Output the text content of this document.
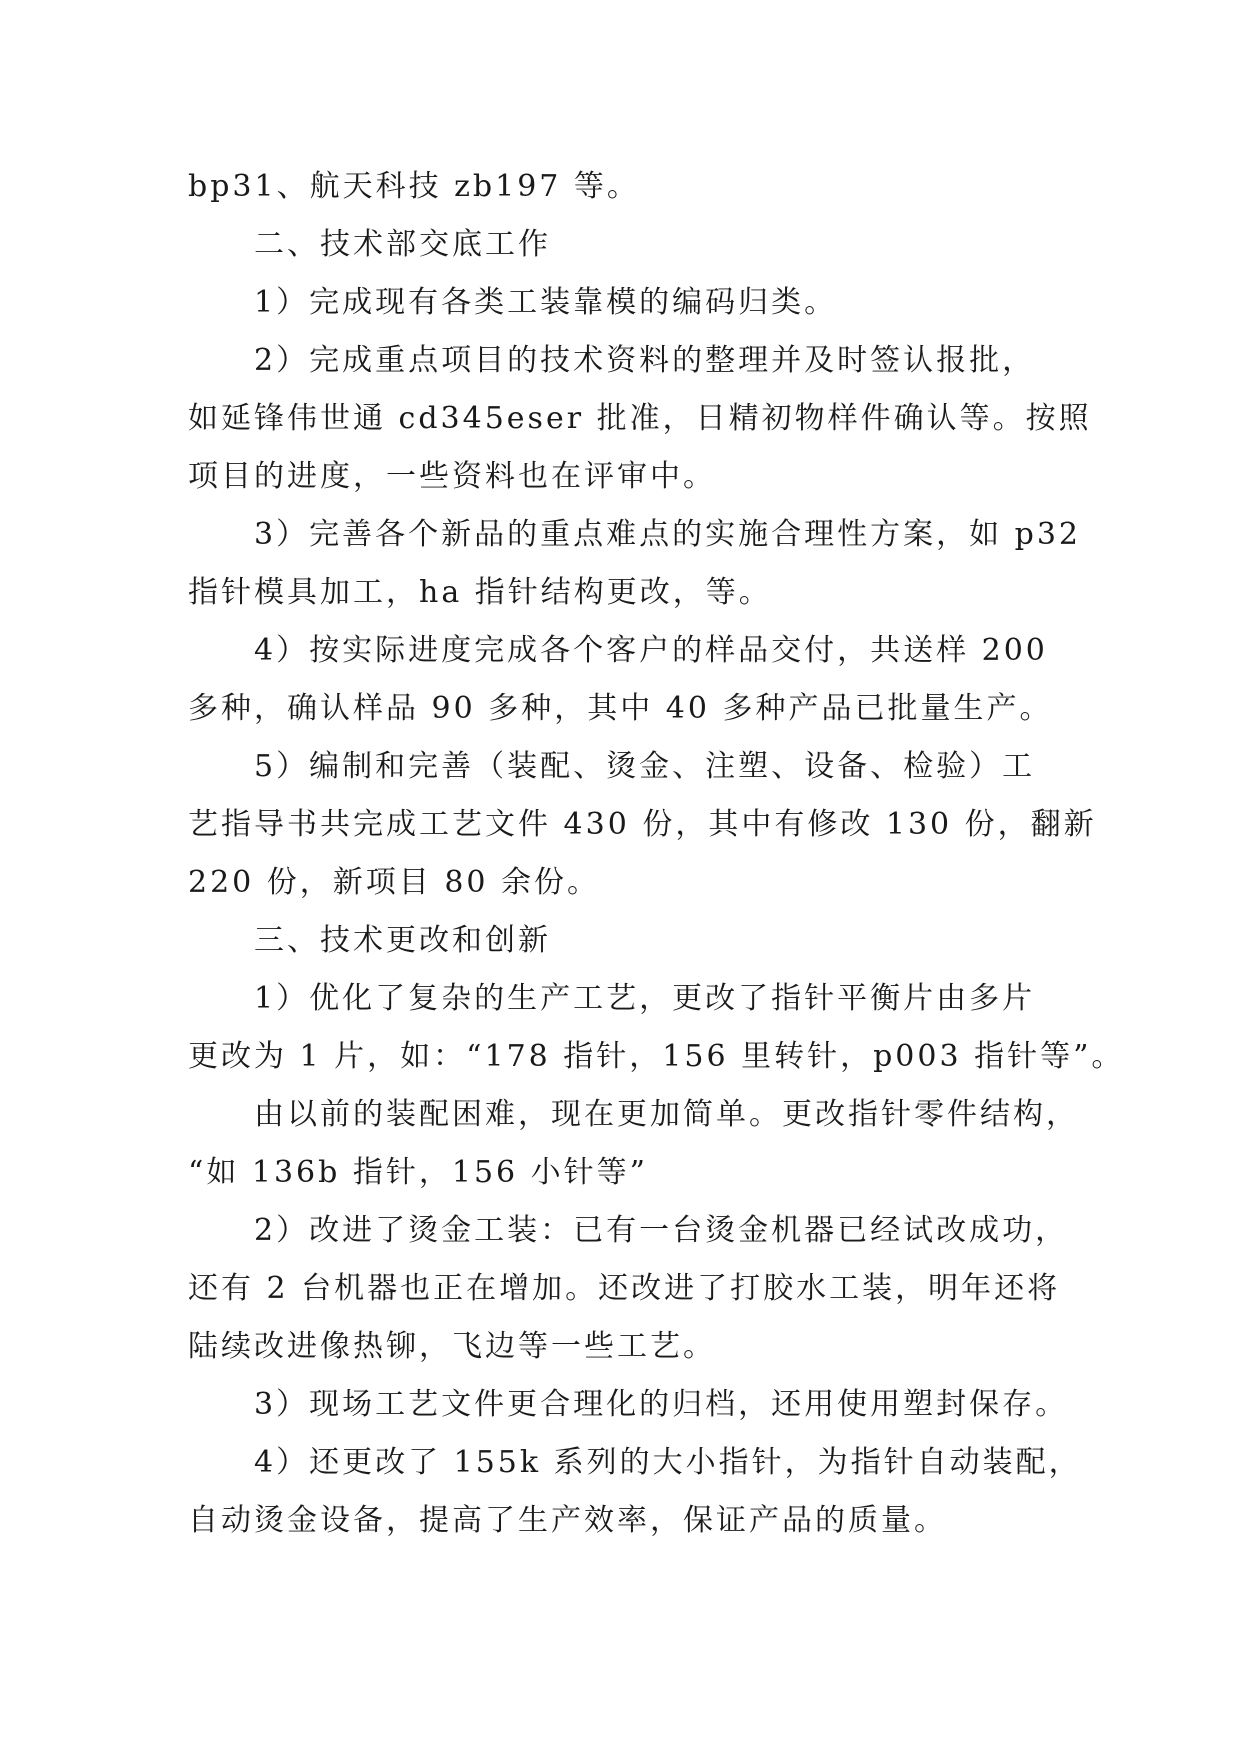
bp31、航天科技 zb197 等。
二、技术部交底工作
1）完成现有各类工装靠模的编码归类。
2）完成重点项目的技术资料的整理并及时签认报批，
如延锋伟世通 cd345eser 批准，日精初物样件确认等。按照
项目的进度，一些资料也在评审中。
3）完善各个新品的重点难点的实施合理性方案，如 p32
指针模具加工，ha 指针结构更改，等。
4）按实际进度完成各个客户的样品交付，共送样 200
多种，确认样品 90 多种，其中 40 多种产品已批量生产。
5）编制和完善（装配、烫金、注塑、设备、检验）工
艺指导书共完成工艺文件 430 份，其中有修改 130 份，翻新
220 份，新项目 80 余份。
三、技术更改和创新
1）优化了复杂的生产工艺，更改了指针平衡片由多片
更改为 1 片，如：“178 指针，156 里转针，p003 指针等”。
由以前的装配困难，现在更加简单。更改指针零件结构，
“如 136b 指针，156 小针等”
2）改进了烫金工装：已有一台烫金机器已经试改成功，
还有 2 台机器也正在增加。还改进了打胶水工装，明年还将
陆续改进像热铆，飞边等一些工艺。
3）现场工艺文件更合理化的归档，还用使用塑封保存。
4）还更改了 155k 系列的大小指针，为指针自动装配，
自动烫金设备，提高了生产效率，保证产品的质量。
